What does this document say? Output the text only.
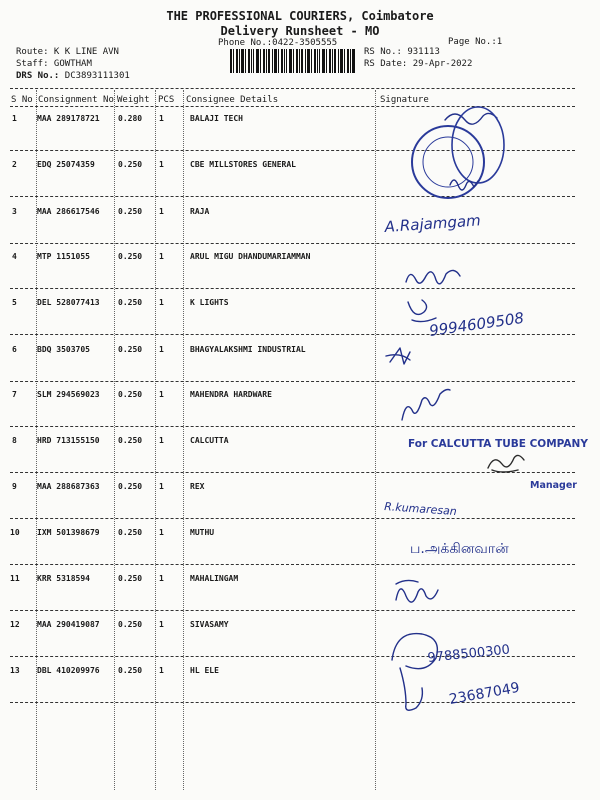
THE PROFESSIONAL COURIERS, Coimbatore
Delivery Runsheet - MO
Phone No.:0422-3505555	Page No.:1
Route: K K LINE AVN
Staff: GOWTHAM
DRS No.: DC3893111301
RS No.: 931113
RS Date: 29-Apr-2022
S No Consignment No Weight PCS Consignee Details	Signature
1	MAA 289178721 0.280 1	BALAJI TECH
2	EDQ 25074359	0.250 1	CBE MILLSTORES GENERAL
3	MAA 286617546 0.250 1	RAJA
4	MTP 1151055	0.250 1	ARUL MIGU DHANDUMARIAMMAN
5	DEL 528077413 0.250 1	K LIGHTS
6	BDQ 3503705	0.250 1	BHAGYALAKSHMI INDUSTRIAL
7	SLM 294569023 0.250 1	MAHENDRA HARDWARE
8	HRD 713155150 0.250 1	CALCUTTA
9	MAA 288687363 0.250 1	REX
10 IXM 501398679 0.250 1	MUTHU
11 KRR 5318594	0.250 1	MAHALINGAM
12 MAA 290419087 0.250 1	SIVASAMY
13 DBL 410209976 0.250 1	HL ELE
A.Rajamgam
9994609508
For CALCUTTA TUBE COMPANY
Manager
R.kumaresan
ப.அக்கினவான்
9788500300
23687049
